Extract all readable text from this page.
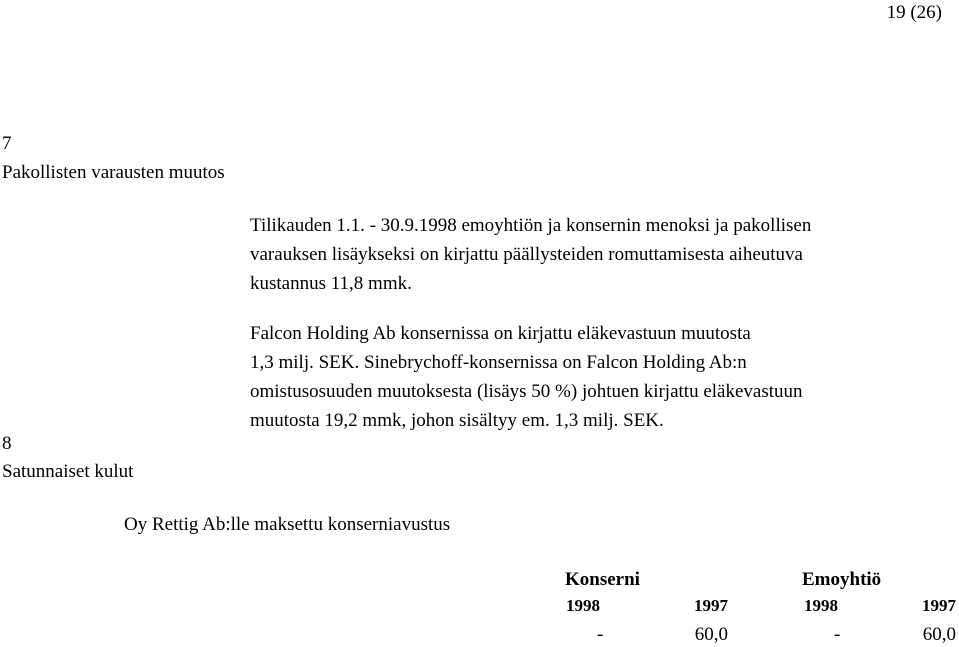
19 (26)
7
Pakollisten varausten muutos
Tilikauden 1.1. - 30.9.1998 emoyhtiön ja konsernin menoksi ja pakollisen
varauksen lisäykseksi on kirjattu päällysteiden romuttamisesta aiheutuva
kustannus 11,8 mmk.
Falcon Holding Ab konsernissa on kirjattu eläkevastuun muutosta
1,3 milj. SEK. Sinebrychoff-konsernissa on Falcon Holding Ab:n
omistusosuuden muutoksesta (lisäys 50 %) johtuen kirjattu eläkevastuun
muutosta 19,2 mmk, johon sisältyy em. 1,3 milj. SEK.
8
Satunnaiset kulut
Oy Rettig Ab:lle maksettu konserniavustus
Konserni	Emoyhtiö
1998	1997	1998	1997
-	60,0	-	60,0
